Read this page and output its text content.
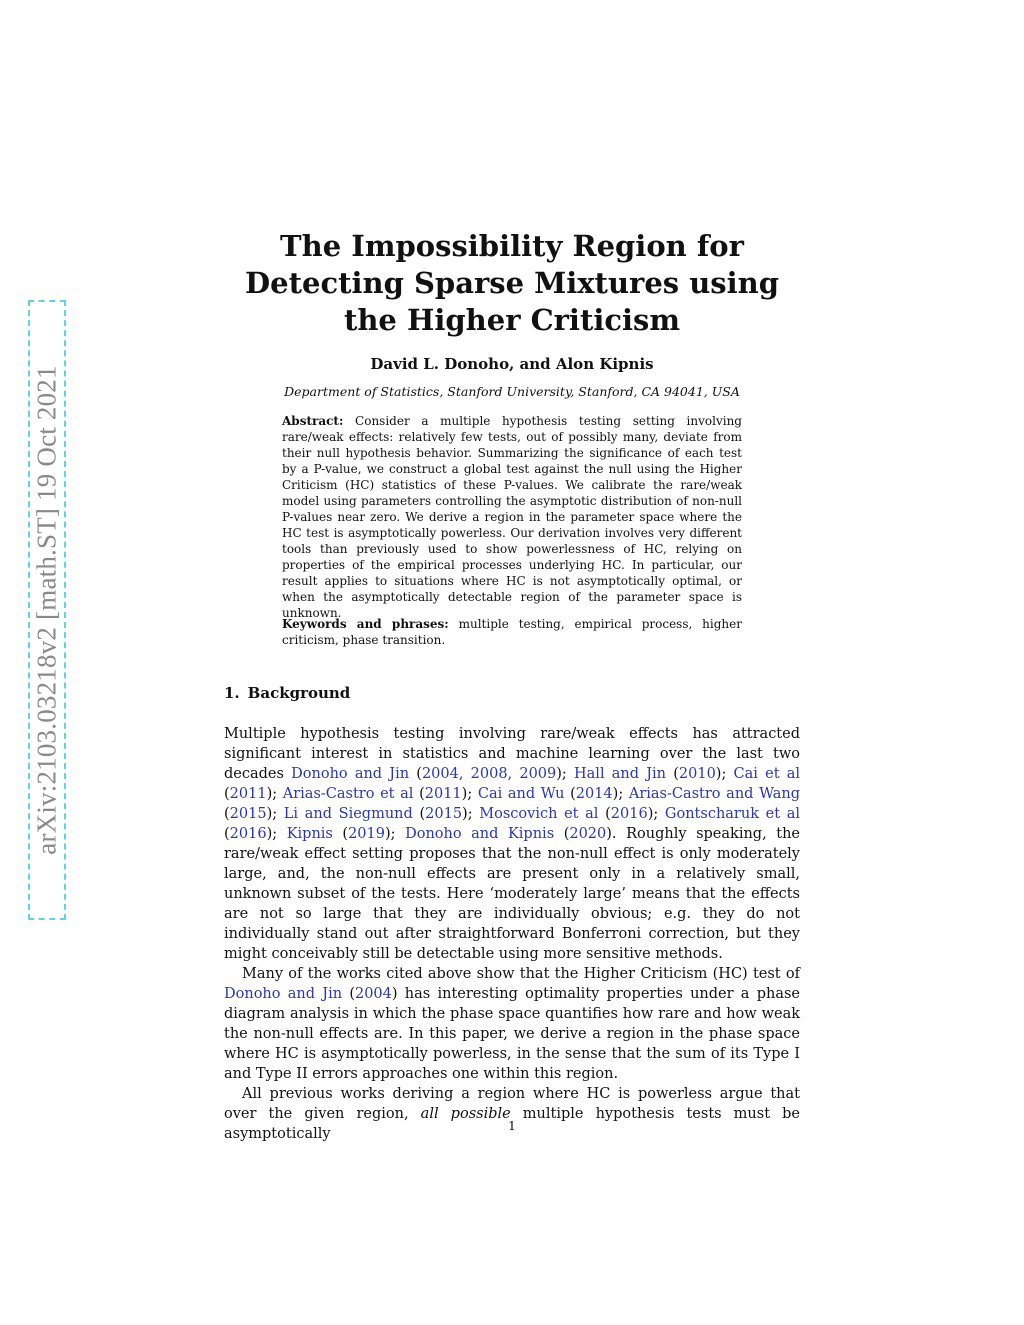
arXiv:2103.03218v2 [math.ST] 19 Oct 2021
The Impossibility Region for Detecting Sparse Mixtures using the Higher Criticism

David L. Donoho, and Alon Kipnis

Department of Statistics, Stanford University, Stanford, CA 94041, USA

Abstract: Consider a multiple hypothesis testing setting involving rare/weak effects: relatively few tests, out of possibly many, deviate from their null hypothesis behavior. Summarizing the significance of each test by a P-value, we construct a global test against the null using the Higher Criticism (HC) statistics of these P-values. We calibrate the rare/weak model using parameters controlling the asymptotic distribution of non-null P-values near zero. We derive a region in the parameter space where the HC test is asymptotically powerless. Our derivation involves very different tools than previously used to show powerlessness of HC, relying on properties of the empirical processes underlying HC. In particular, our result applies to situations where HC is not asymptotically optimal, or when the asymptotically detectable region of the parameter space is unknown.

Keywords and phrases: multiple testing, empirical process, higher criticism, phase transition.

1. Background

Multiple hypothesis testing involving rare/weak effects has attracted significant interest in statistics and machine learning over the last two decades Donoho and Jin (2004, 2008, 2009); Hall and Jin (2010); Cai et al (2011); Arias-Castro et al (2011); Cai and Wu (2014); Arias-Castro and Wang (2015); Li and Siegmund (2015); Moscovich et al (2016); Gontscharuk et al (2016); Kipnis (2019); Donoho and Kipnis (2020). Roughly speaking, the rare/weak effect setting proposes that the non-null effect is only moderately large, and, the non-null effects are present only in a relatively small, unknown subset of the tests. Here ‘moderately large’ means that the effects are not so large that they are individually obvious; e.g. they do not individually stand out after straightforward Bonferroni correction, but they might conceivably still be detectable using more sensitive methods.

Many of the works cited above show that the Higher Criticism (HC) test of Donoho and Jin (2004) has interesting optimality properties under a phase diagram analysis in which the phase space quantifies how rare and how weak the non-null effects are. In this paper, we derive a region in the phase space where HC is asymptotically powerless, in the sense that the sum of its Type I and Type II errors approaches one within this region.

All previous works deriving a region where HC is powerless argue that over the given region, all possible multiple hypothesis tests must be asymptotically

1
